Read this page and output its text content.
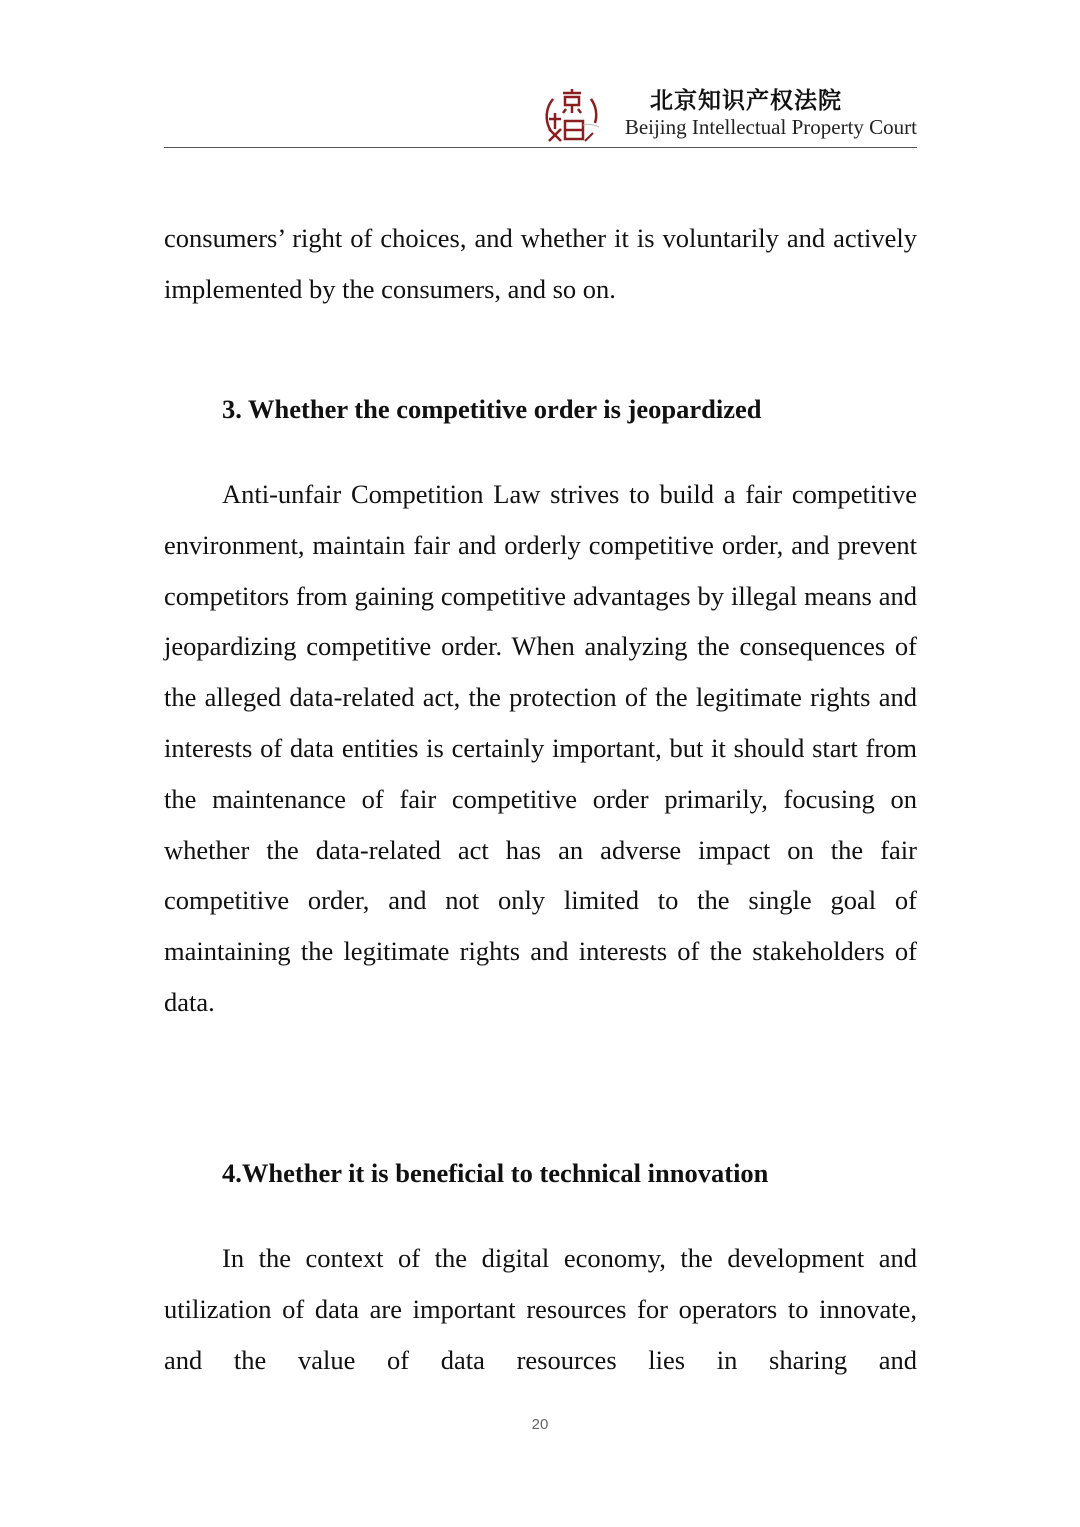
北京知识产权法院
Beijing Intellectual Property Court

consumers’ right of choices, and whether it is voluntarily and actively implemented by the consumers, and so on.

3. Whether the competitive order is jeopardized

Anti-unfair Competition Law strives to build a fair competitive environment, maintain fair and orderly competitive order, and prevent competitors from gaining competitive advantages by illegal means and jeopardizing competitive order. When analyzing the consequences of the alleged data-related act, the protection of the legitimate rights and interests of data entities is certainly important, but it should start from the maintenance of fair competitive order primarily, focusing on whether the data-related act has an adverse impact on the fair competitive order, and not only limited to the single goal of maintaining the legitimate rights and interests of the stakeholders of data.

4.Whether it is beneficial to technical innovation

In the context of the digital economy, the development and utilization of data are important resources for operators to innovate, and the value of data resources lies in sharing and

20
